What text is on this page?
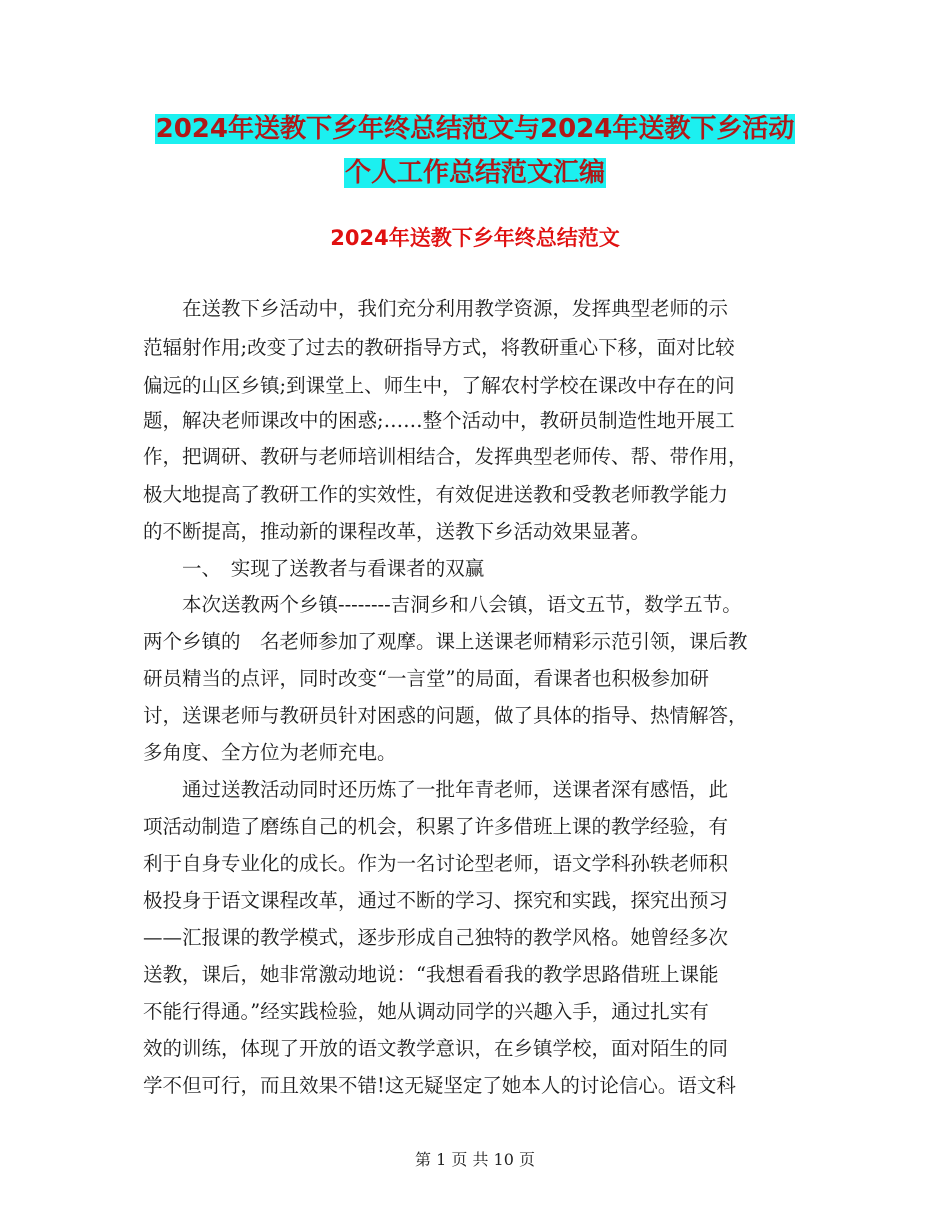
2024年送教下乡年终总结范文与2024年送教下乡活动
个人工作总结范文汇编
2024年送教下乡年终总结范文
　　在送教下乡活动中，我们充分利用教学资源，发挥典型老师的示
范辐射作用;改变了过去的教研指导方式，将教研重心下移，面对比较
偏远的山区乡镇;到课堂上、师生中，了解农村学校在课改中存在的问
题，解决老师课改中的困惑;……整个活动中，教研员制造性地开展工
作，把调研、教研与老师培训相结合，发挥典型老师传、帮、带作用，
极大地提高了教研工作的实效性，有效促进送教和受教老师教学能力
的不断提高，推动新的课程改革，送教下乡活动效果显著。
　　一、　实现了送教者与看课者的双赢
　　本次送教两个乡镇--------吉洞乡和八会镇，语文五节，数学五节。
两个乡镇的　名老师参加了观摩。课上送课老师精彩示范引领，课后教
研员精当的点评，同时改变“一言堂”的局面，看课者也积极参加研
讨，送课老师与教研员针对困惑的问题，做了具体的指导、热情解答，
多角度、全方位为老师充电。
　　通过送教活动同时还历炼了一批年青老师，送课者深有感悟，此
项活动制造了磨练自己的机会，积累了许多借班上课的教学经验，有
利于自身专业化的成长。作为一名讨论型老师，语文学科孙轶老师积
极投身于语文课程改革，通过不断的学习、探究和实践，探究出预习
——汇报课的教学模式，逐步形成自己独特的教学风格。她曾经多次
送教，课后，她非常激动地说：“我想看看我的教学思路借班上课能
不能行得通。”经实践检验，她从调动同学的兴趣入手，通过扎实有
效的训练，体现了开放的语文教学意识，在乡镇学校，面对陌生的同
学不但可行，而且效果不错!这无疑坚定了她本人的讨论信心。语文科
第 1 页 共 10 页
